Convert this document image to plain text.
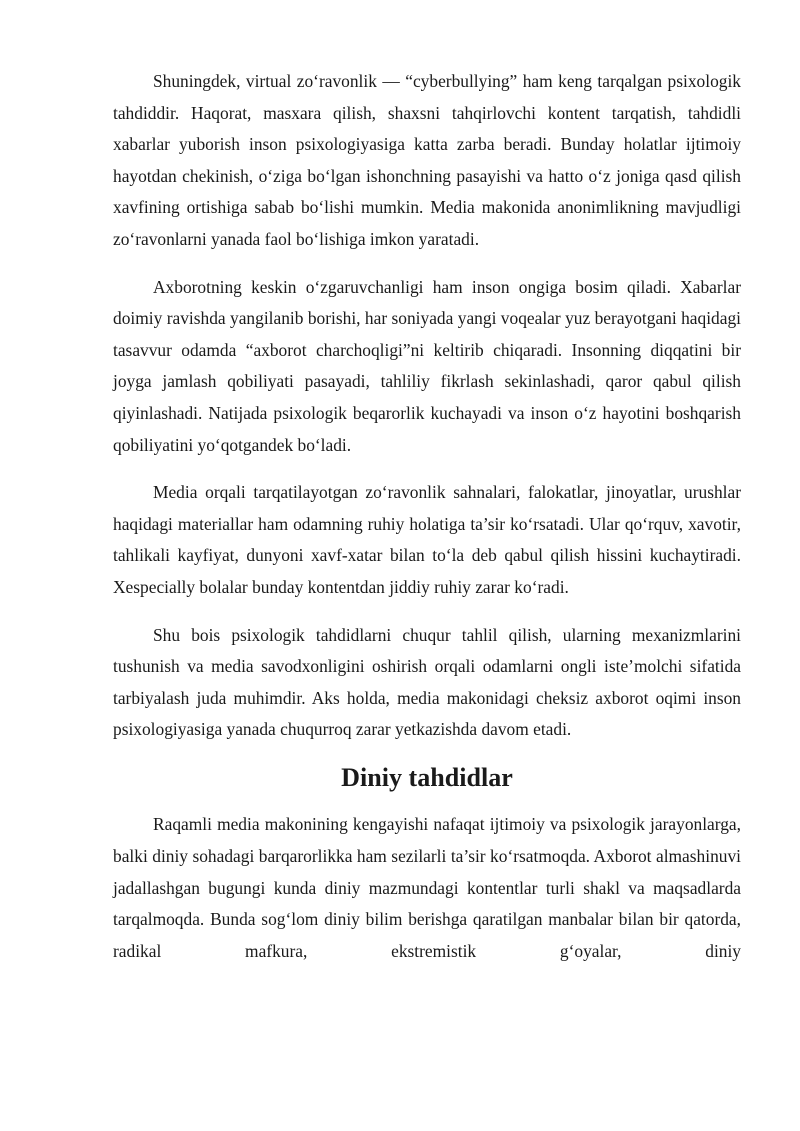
Shuningdek, virtual zo‘ravonlik — “cyberbullying” ham keng tarqalgan psixologik tahdiddir. Haqorat, masxara qilish, shaxsni tahqirlovchi kontent tarqatish, tahdidli xabarlar yuborish inson psixologiyasiga katta zarba beradi. Bunday holatlar ijtimoiy hayotdan chekinish, o‘ziga bo‘lgan ishonchning pasayishi va hatto o‘z joniga qasd qilish xavfining ortishiga sabab bo‘lishi mumkin. Media makonida anonimlikning mavjudligi zo‘ravonlarni yanada faol bo‘lishiga imkon yaratadi.

Axborotning keskin o‘zgaruvchanligi ham inson ongiga bosim qiladi. Xabarlar doimiy ravishda yangilanib borishi, har soniyada yangi voqealar yuz berayotgani haqidagi tasavvur odamda “axborot charchoqligi”ni keltirib chiqaradi. Insonning diqqatini bir joyga jamlash qobiliyati pasayadi, tahliliy fikrlash sekinlashadi, qaror qabul qilish qiyinlashadi. Natijada psixologik beqarorlik kuchayadi va inson o‘z hayotini boshqarish qobiliyatini yo‘qotgandek bo‘ladi.

Media orqali tarqatilayotgan zo‘ravonlik sahnalari, falokatlar, jinoyatlar, urushlar haqidagi materiallar ham odamning ruhiy holatiga ta’sir ko‘rsatadi. Ular qo‘rquv, xavotir, tahlikali kayfiyat, dunyoni xavf-xatar bilan to‘la deb qabul qilish hissini kuchaytiradi. Xespecially bolalar bunday kontentdan jiddiy ruhiy zarar ko‘radi.

Shu bois psixologik tahdidlarni chuqur tahlil qilish, ularning mexanizmlarini tushunish va media savodxonligini oshirish orqali odamlarni ongli iste’molchi sifatida tarbiyalash juda muhimdir. Aks holda, media makonidagi cheksiz axborot oqimi inson psixologiyasiga yanada chuqurroq zarar yetkazishda davom etadi.

Diniy tahdidlar

Raqamli media makonining kengayishi nafaqat ijtimoiy va psixologik jarayonlarga, balki diniy sohadagi barqarorlikka ham sezilarli ta’sir ko‘rsatmoqda. Axborot almashinuvi jadallashgan bugungi kunda diniy mazmundagi kontentlar turli shakl va maqsadlarda tarqalmoqda. Bunda sog‘lom diniy bilim berishga qaratilgan manbalar bilan bir qatorda, radikal mafkura, ekstremistik g‘oyalar, diniy
